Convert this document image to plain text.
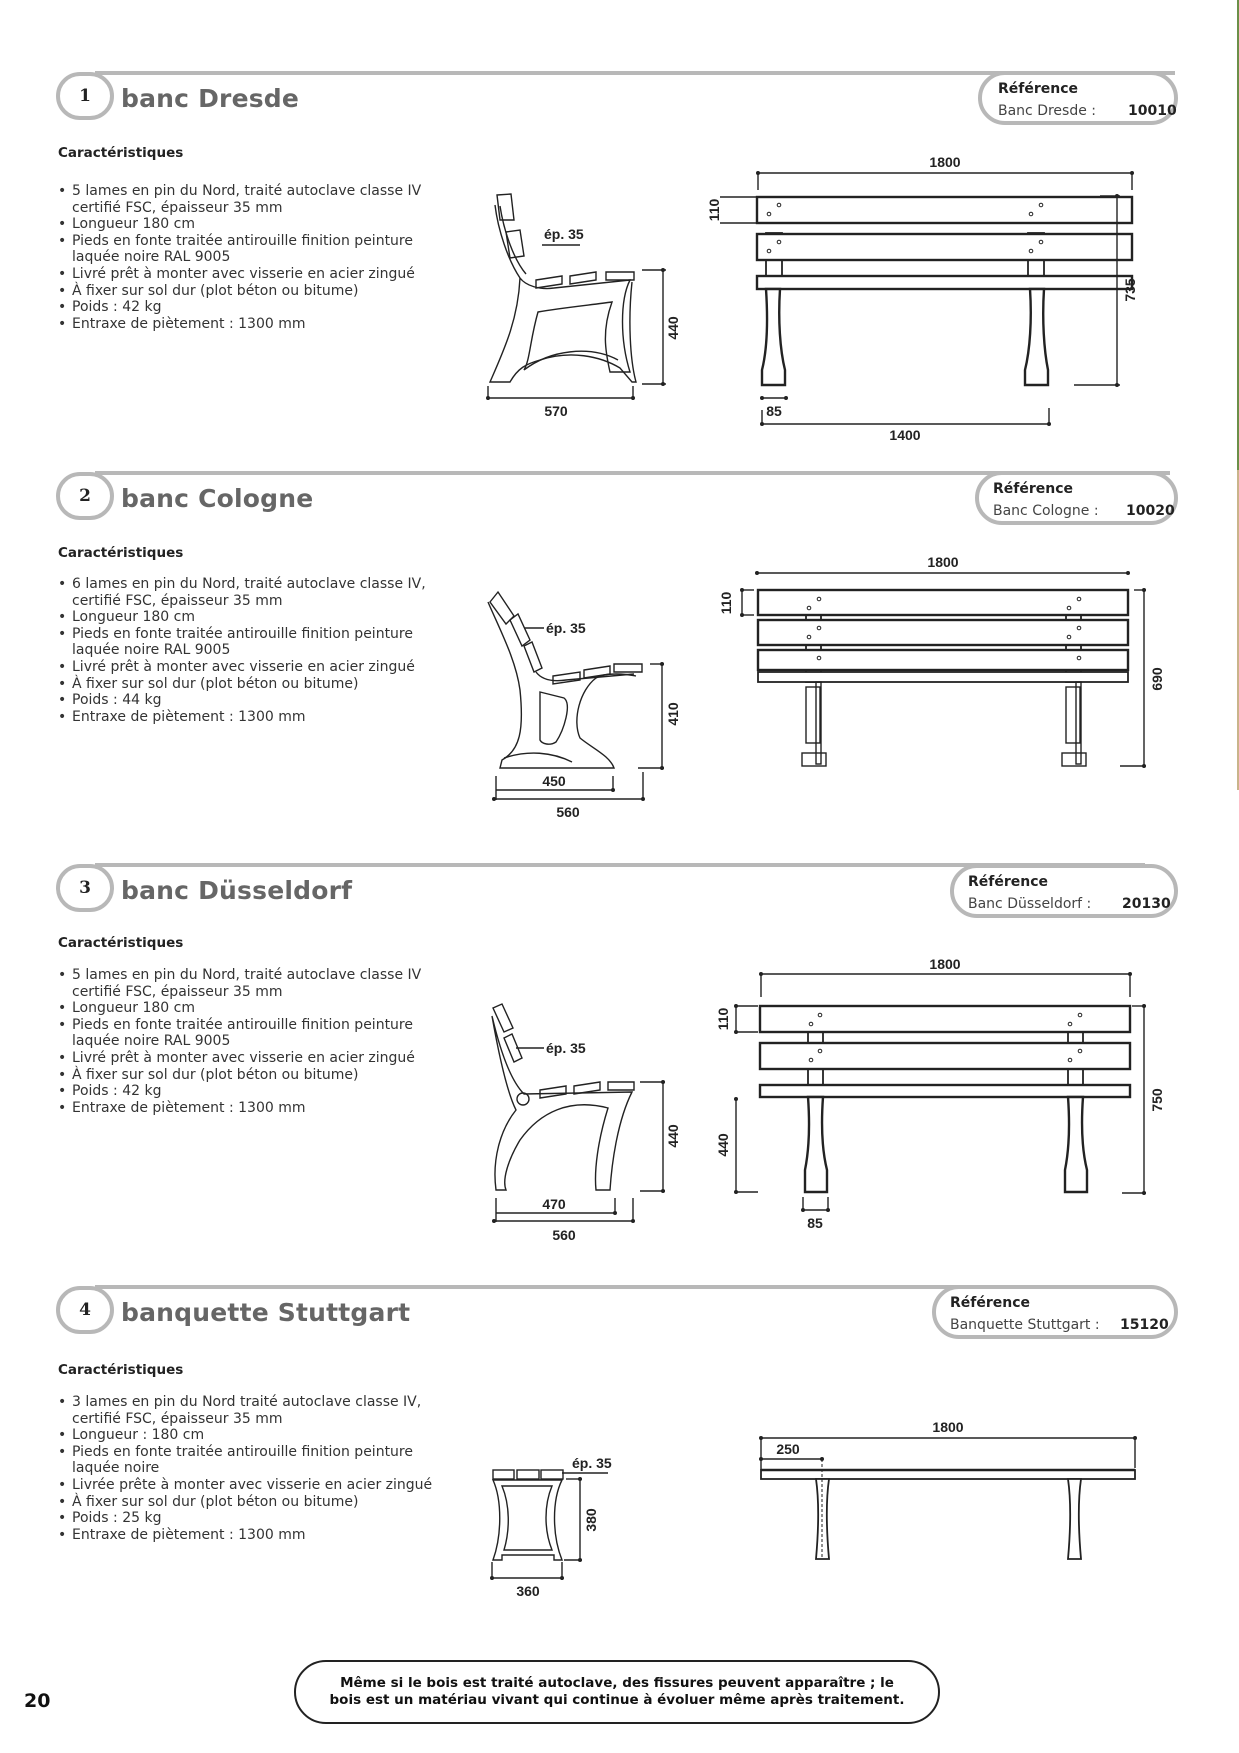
1	banc Dresde	Référence
Banc Dresde : 10010
Caractéristiques
• 5 lames en pin du Nord, traité autoclave classe IV certifié FSC, épaisseur 35 mm
• Longueur 180 cm
• Pieds en fonte traitée antirouille finition peinture laquée noire RAL 9005
• Livré prêt à monter avec visserie en acier zingué
• À fixer sur sol dur (plot béton ou bitume)
• Poids : 42 kg
• Entraxe de piètement : 1300 mm
ép. 35
440
570
1800
110
735
85
1400
2	banc Cologne	Référence
Banc Cologne : 10020
Caractéristiques
• 6 lames en pin du Nord, traité autoclave classe IV, certifié FSC, épaisseur 35 mm
• Longueur 180 cm
• Pieds en fonte traitée antirouille finition peinture laquée noire RAL 9005
• Livré prêt à monter avec visserie en acier zingué
• À fixer sur sol dur (plot béton ou bitume)
• Poids : 44 kg
• Entraxe de piètement : 1300 mm
ép. 35
410
450
560
1800
110
690
3	banc Düsseldorf	Référence
Banc Düsseldorf : 20130
Caractéristiques
• 5 lames en pin du Nord, traité autoclave classe IV certifié FSC, épaisseur 35 mm
• Longueur 180 cm
• Pieds en fonte traitée antirouille finition peinture laquée noire RAL 9005
• Livré prêt à monter avec visserie en acier zingué
• À fixer sur sol dur (plot béton ou bitume)
• Poids : 42 kg
• Entraxe de piètement : 1300 mm
ép. 35
440
470
560
1800
110
440
750
85
4	banquette Stuttgart	Référence
Banquette Stuttgart : 15120
Caractéristiques
• 3 lames en pin du Nord traité autoclave classe IV, certifié FSC, épaisseur 35 mm
• Longueur : 180 cm
• Pieds en fonte traitée antirouille finition peinture laquée noire
• Livrée prête à monter avec visserie en acier zingué
• À fixer sur sol dur (plot béton ou bitume)
• Poids : 25 kg
• Entraxe de piètement : 1300 mm
ép. 35
380
360
1800
250
20
Même si le bois est traité autoclave, des fissures peuvent apparaître ; le bois est un matériau vivant qui continue à évoluer même après traitement.
